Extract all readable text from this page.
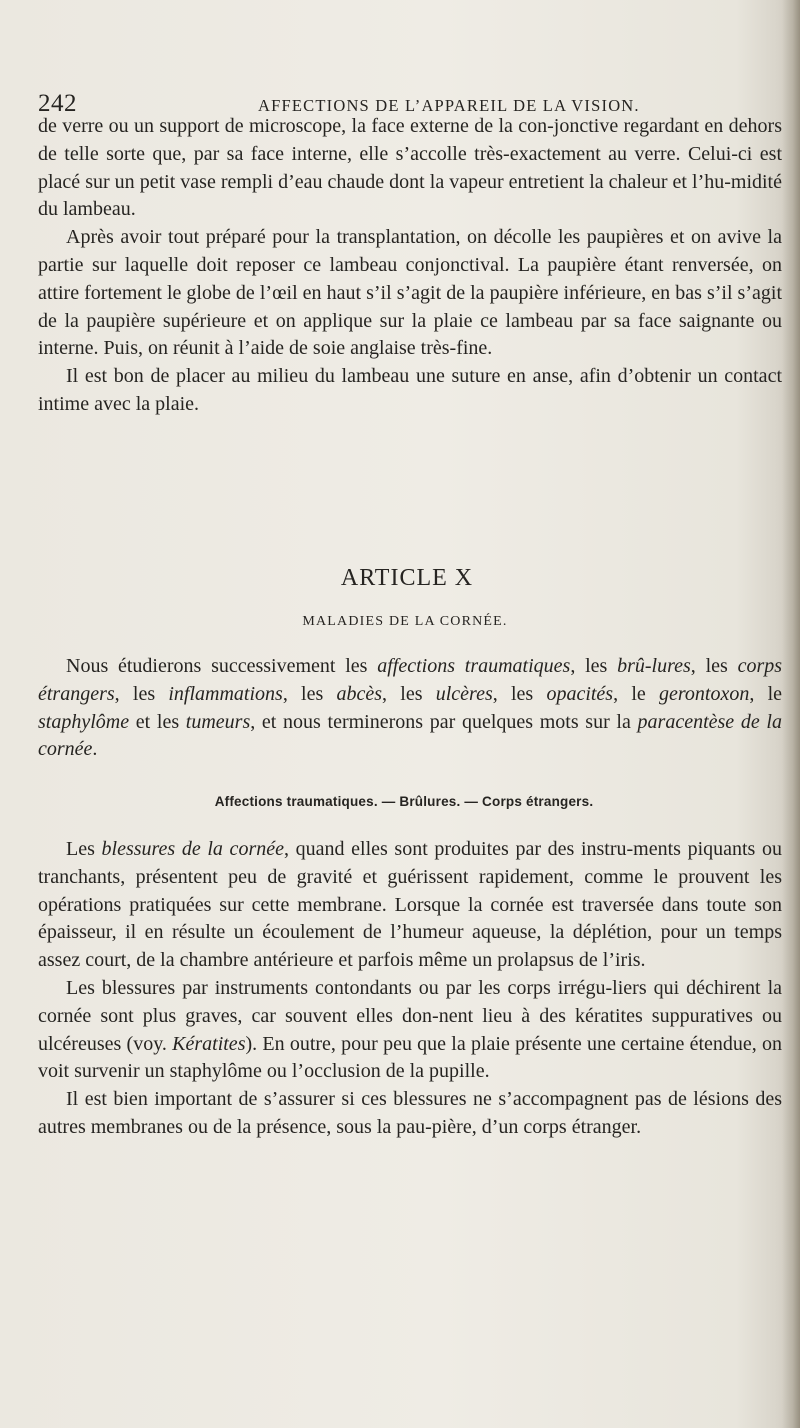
242	AFFECTIONS DE L’APPAREIL DE LA VISION.

de verre ou un support de microscope, la face externe de la con-jonctive regardant en dehors de telle sorte que, par sa face interne, elle s’accolle très-exactement au verre. Celui-ci est placé sur un petit vase rempli d’eau chaude dont la vapeur entretient la chaleur et l’hu-midité du lambeau.

Après avoir tout préparé pour la transplantation, on décolle les paupières et on avive la partie sur laquelle doit reposer ce lambeau conjonctival. La paupière étant renversée, on attire fortement le globe de l’œil en haut s’il s’agit de la paupière inférieure, en bas s’il s’agit de la paupière supérieure et on applique sur la plaie ce lambeau par sa face saignante ou interne. Puis, on réunit à l’aide de soie anglaise très-fine.

Il est bon de placer au milieu du lambeau une suture en anse, afin d’obtenir un contact intime avec la plaie.

ARTICLE X
MALADIES DE LA CORNÉE.

Nous étudierons successivement les affections traumatiques, les brû-lures, les corps étrangers, les inflammations, les abcès, les ulcères, les opacités, le gerontoxon, le staphylôme et les tumeurs, et nous terminerons par quelques mots sur la paracentèse de la cornée.

Affections traumatiques. — Brûlures. — Corps étrangers.

Les blessures de la cornée, quand elles sont produites par des instru-ments piquants ou tranchants, présentent peu de gravité et guérissent rapidement, comme le prouvent les opérations pratiquées sur cette membrane. Lorsque la cornée est traversée dans toute son épaisseur, il en résulte un écoulement de l’humeur aqueuse, la déplétion, pour un temps assez court, de la chambre antérieure et parfois même un prolapsus de l’iris.

Les blessures par instruments contondants ou par les corps irrégu-liers qui déchirent la cornée sont plus graves, car souvent elles don-nent lieu à des kératites suppuratives ou ulcéreuses (voy. Kératites). En outre, pour peu que la plaie présente une certaine étendue, on voit survenir un staphylôme ou l’occlusion de la pupille.

Il est bien important de s’assurer si ces blessures ne s’accompagnent pas de lésions des autres membranes ou de la présence, sous la pau-pière, d’un corps étranger.
